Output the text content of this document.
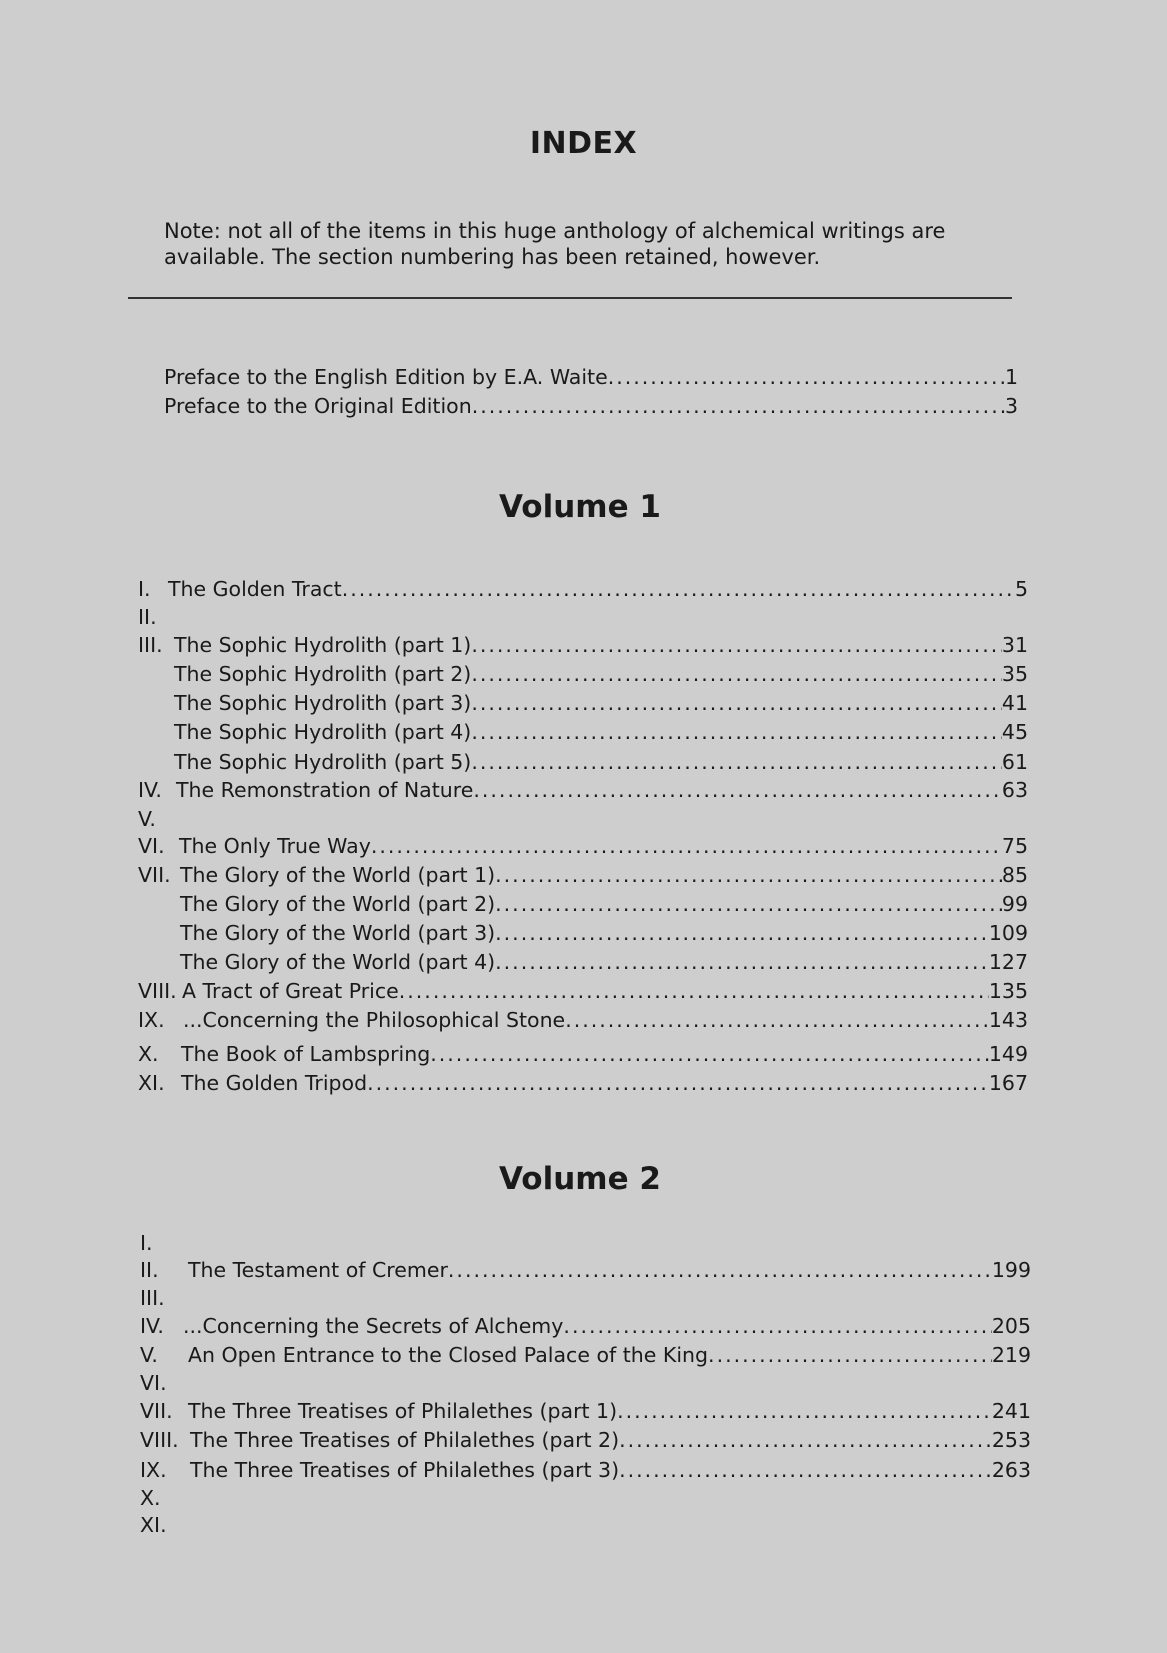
INDEX
Note: not all of the items in this huge anthology of alchemical writings are available. The section numbering has been retained, however.
Preface to the English Edition by E.A. Waite .....	1
Preface to the Original Edition .....	3
Volume 1
I. The Golden Tract .....	5
II.
III. The Sophic Hydrolith (part 1) .....	31
The Sophic Hydrolith (part 2) .....	35
The Sophic Hydrolith (part 3) .....	41
The Sophic Hydrolith (part 4) .....	45
The Sophic Hydrolith (part 5) .....	61
IV. The Remonstration of Nature .....	63
V.
VI. The Only True Way .....	75
VII. The Glory of the World (part 1) .....	85
The Glory of the World (part 2) .....	99
The Glory of the World (part 3) .....	109
The Glory of the World (part 4) .....	127
VIII. A Tract of Great Price .....	135
IX. ...Concerning the Philosophical Stone .....	143
X.	The Book of Lambspring .....	149
XI. The Golden Tripod .....	167
Volume 2
I.
II.	The Testament of Cremer .....	199
III.
IV. ...Concerning the Secrets of Alchemy .....	205
V.	An Open Entrance to the Closed Palace of the King .....	219
VI.
VII. The Three Treatises of Philalethes (part 1) .....	241
VIII. The Three Treatises of Philalethes (part 2) .....	253
IX.	The Three Treatises of Philalethes (part 3) .....	263
X.
XI.
